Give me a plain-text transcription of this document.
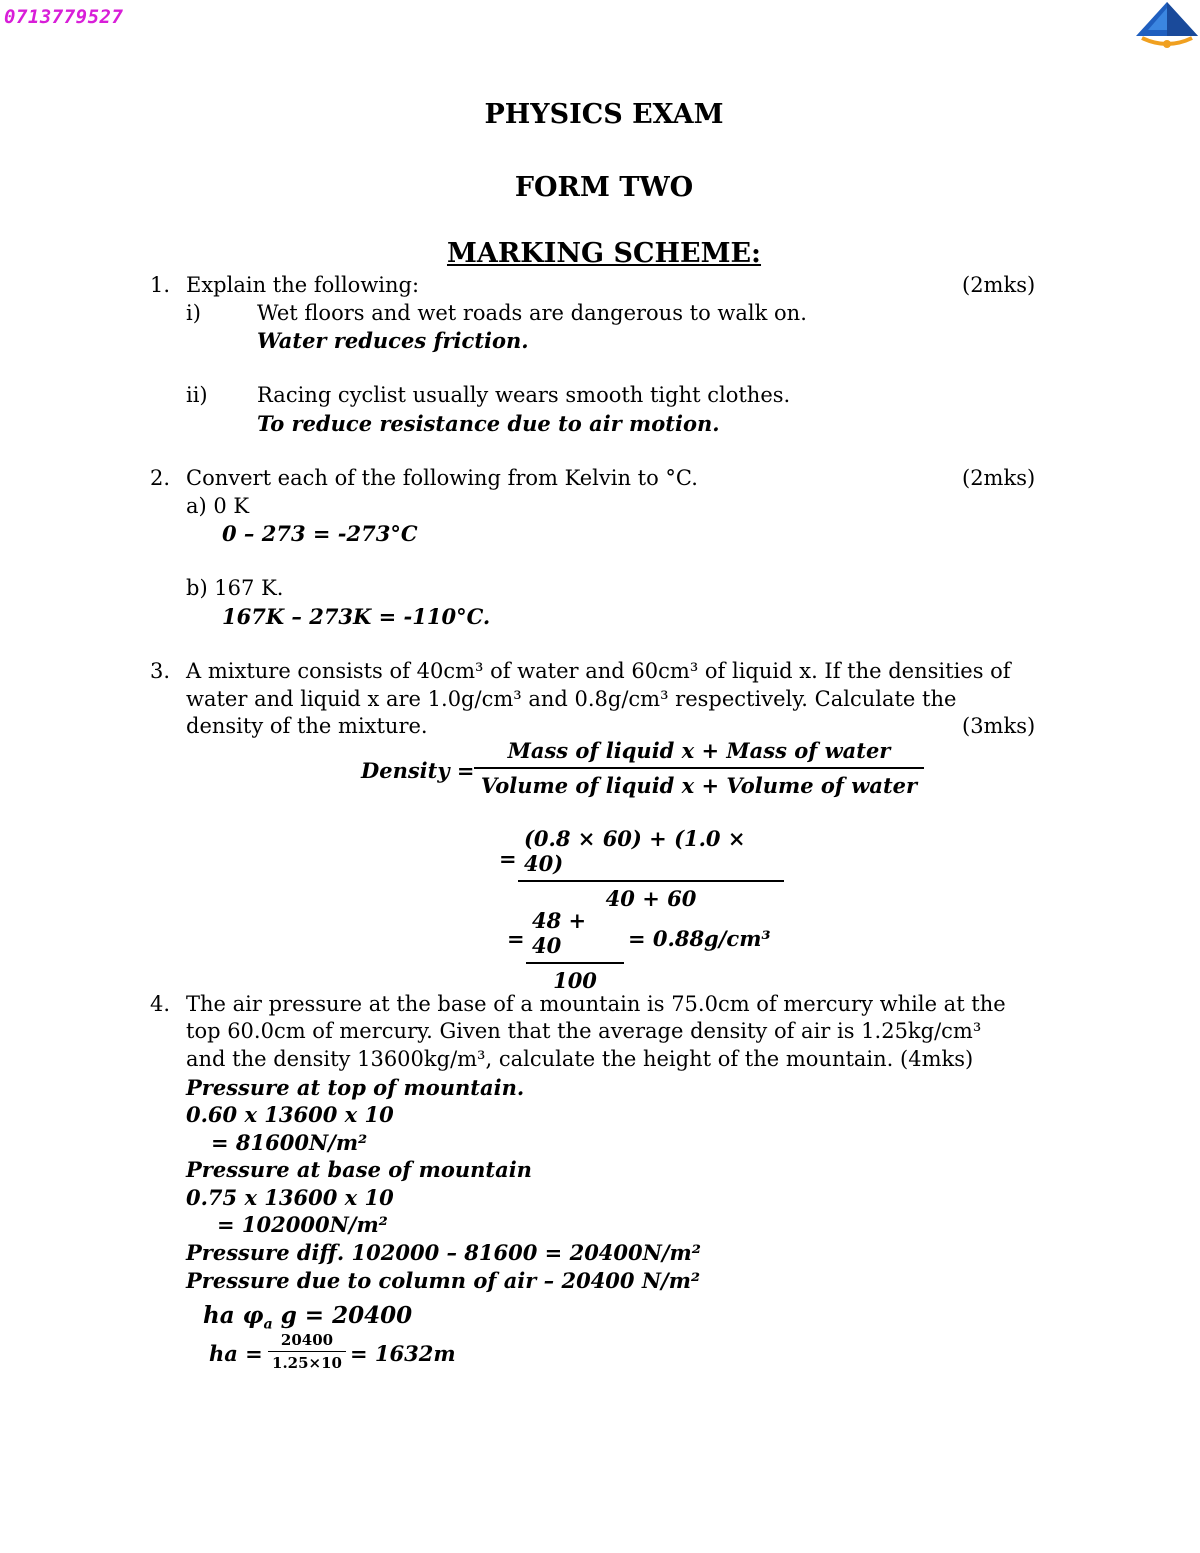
0713779527
PHYSICS EXAM
FORM TWO
MARKING SCHEME:
1. Explain the following:	(2mks)
i)	Wet floors and wet roads are dangerous to walk on.
Water reduces friction.
ii) Racing cyclist usually wears smooth tight clothes.
To reduce resistance due to air motion.
2. Convert each of the following from Kelvin to °C.	(2mks)
a) 0 K
0 – 273 = -273°C
b) 167 K.
167K – 273K = -110°C.
3. A mixture consists of 40cm³ of water and 60cm³ of liquid x. If the densities of
water and liquid x are 1.0g/cm³ and 0.8g/cm³ respectively. Calculate the
density of the mixture.	(3mks)
Density =
Mass of liquid x + Mass of water
Volume of liquid x + Volume of water
=
(0.8 × 60) + (1.0 × 40)
40 + 60
=
48 + 40
100
= 0.88g/cm³
4. The air pressure at the base of a mountain is 75.0cm of mercury while at the
top 60.0cm of mercury. Given that the average density of air is 1.25kg/cm³
and the density 13600kg/m³, calculate the height of the mountain. (4mks)
Pressure at top of mountain.
0.60 x 13600 x 10
= 81600N/m²
Pressure at base of mountain
0.75 x 13600 x 10
= 102000N/m²
Pressure diff. 102000 – 81600 = 20400N/m²
Pressure due to column of air – 20400 N/m²
ha $\varphi_a$ g = 20400
ha =
20400
1.25×10 = 1632m
